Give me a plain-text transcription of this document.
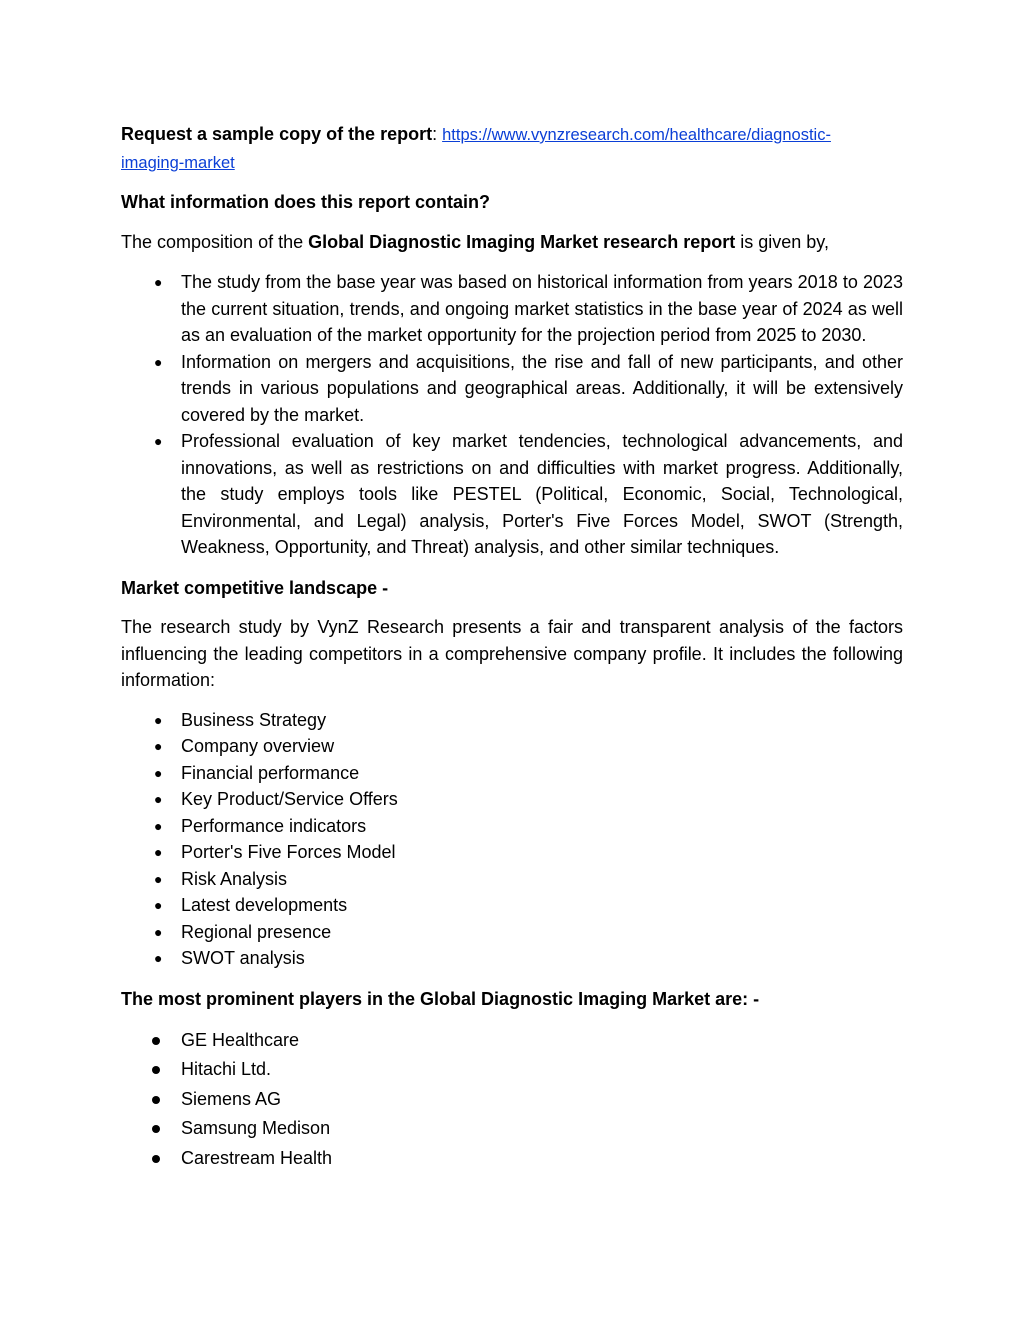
Request a sample copy of the report: https://www.vynzresearch.com/healthcare/diagnostic-
imaging-market

What information does this report contain?

The composition of the Global Diagnostic Imaging Market research report is given by,

● The study from the base year was based on historical information from years 2018 to 2023 the current situation, trends, and ongoing market statistics in the base year of 2024 as well as an evaluation of the market opportunity for the projection period from 2025 to 2030.
● Information on mergers and acquisitions, the rise and fall of new participants, and other trends in various populations and geographical areas. Additionally, it will be extensively covered by the market.
● Professional evaluation of key market tendencies, technological advancements, and innovations, as well as restrictions on and difficulties with market progress. Additionally, the study employs tools like PESTEL (Political, Economic, Social, Technological, Environmental, and Legal) analysis, Porter's Five Forces Model, SWOT (Strength, Weakness, Opportunity, and Threat) analysis, and other similar techniques.

Market competitive landscape -

The research study by VynZ Research presents a fair and transparent analysis of the factors influencing the leading competitors in a comprehensive company profile. It includes the following information:

● Business Strategy
● Company overview
● Financial performance
● Key Product/Service Offers
● Performance indicators
● Porter's Five Forces Model
● Risk Analysis
● Latest developments
● Regional presence
● SWOT analysis

The most prominent players in the Global Diagnostic Imaging Market are: -

GE Healthcare
Hitachi Ltd.
Siemens AG
Samsung Medison
Carestream Health
